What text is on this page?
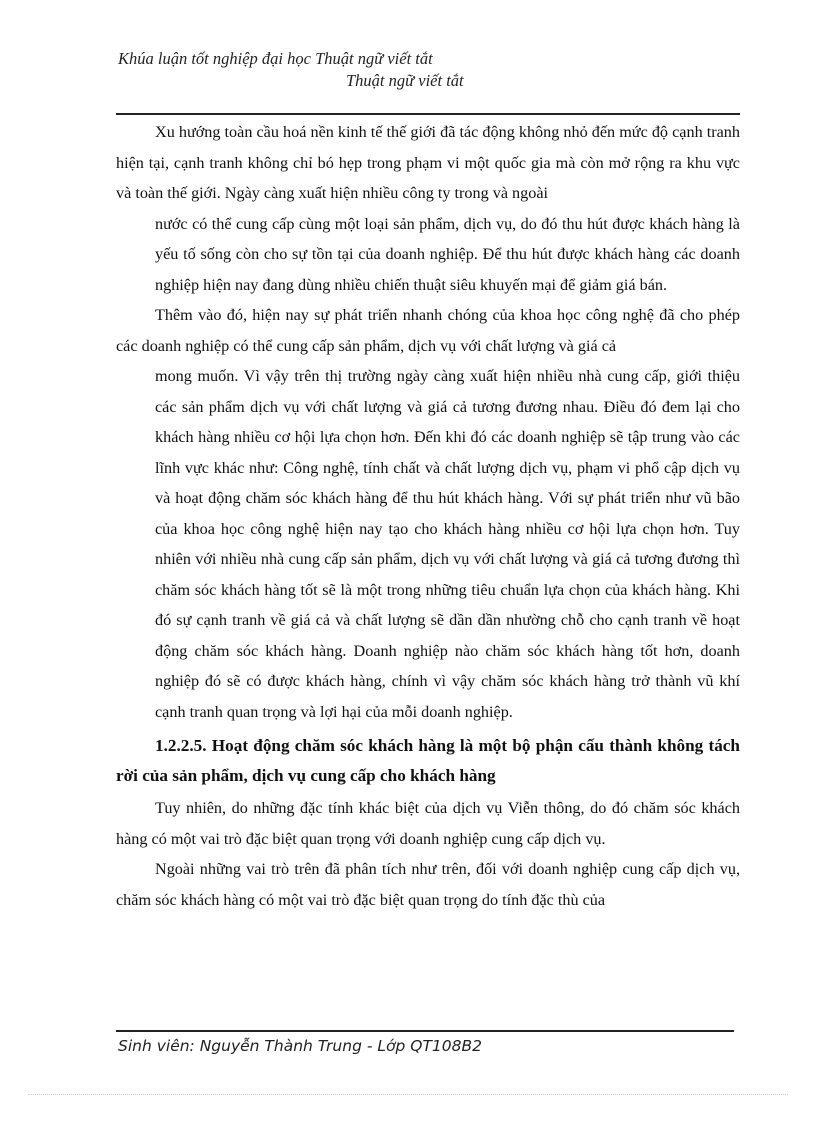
Khúa luận tốt nghiệp đại học Thuật ngữ viết tắt
Thuật ngữ viết tắt

Xu hướng toàn cầu hoá nền kinh tế thế giới đã tác động không nhỏ đến mức độ cạnh tranh hiện tại, cạnh tranh không chỉ bó hẹp trong phạm vi một quốc gia mà còn mở rộng ra khu vực và toàn thế giới. Ngày càng xuất hiện nhiều công ty trong và ngoài

nước có thể cung cấp cùng một loại sản phẩm, dịch vụ, do đó thu hút được khách hàng là yếu tố sống còn cho sự tồn tại của doanh nghiệp. Để thu hút được khách hàng các doanh nghiệp hiện nay đang dùng nhiều chiến thuật siêu khuyến mại để giảm giá bán.

Thêm vào đó, hiện nay sự phát triển nhanh chóng của khoa học công nghệ đã cho phép các doanh nghiệp có thể cung cấp sản phẩm, dịch vụ với chất lượng và giá cả

mong muốn. Vì vậy trên thị trường ngày càng xuất hiện nhiều nhà cung cấp, giới thiệu các sản phẩm dịch vụ với chất lượng và giá cả tương đương nhau. Điều đó đem lại cho khách hàng nhiều cơ hội lựa chọn hơn. Đến khi đó các doanh nghiệp sẽ tập trung vào các lĩnh vực khác như: Công nghệ, tính chất và chất lượng dịch vụ, phạm vi phổ cập dịch vụ và hoạt động chăm sóc khách hàng để thu hút khách hàng. Với sự phát triển như vũ bão của khoa học công nghệ hiện nay tạo cho khách hàng nhiều cơ hội lựa chọn hơn. Tuy nhiên với nhiều nhà cung cấp sản phẩm, dịch vụ với chất lượng và giá cả tương đương thì chăm sóc khách hàng tốt sẽ là một trong những tiêu chuẩn lựa chọn của khách hàng. Khi đó sự cạnh tranh về giá cả và chất lượng sẽ dần dần nhường chỗ cho cạnh tranh về hoạt động chăm sóc khách hàng. Doanh nghiệp nào chăm sóc khách hàng tốt hơn, doanh nghiệp đó sẽ có được khách hàng, chính vì vậy chăm sóc khách hàng trở thành vũ khí cạnh tranh quan trọng và lợi hại của mỗi doanh nghiệp.

1.2.2.5. Hoạt động chăm sóc khách hàng là một bộ phận cấu thành không tách rời của sản phẩm, dịch vụ cung cấp cho khách hàng

Tuy nhiên, do những đặc tính khác biệt của dịch vụ Viễn thông, do đó chăm sóc khách hàng có một vai trò đặc biệt quan trọng với doanh nghiệp cung cấp dịch vụ.

Ngoài những vai trò trên đã phân tích như trên, đối với doanh nghiệp cung cấp dịch vụ, chăm sóc khách hàng có một vai trò đặc biệt quan trọng do tính đặc thù của

Sinh viên: Nguyễn Thành Trung - Lớp QT108B2
